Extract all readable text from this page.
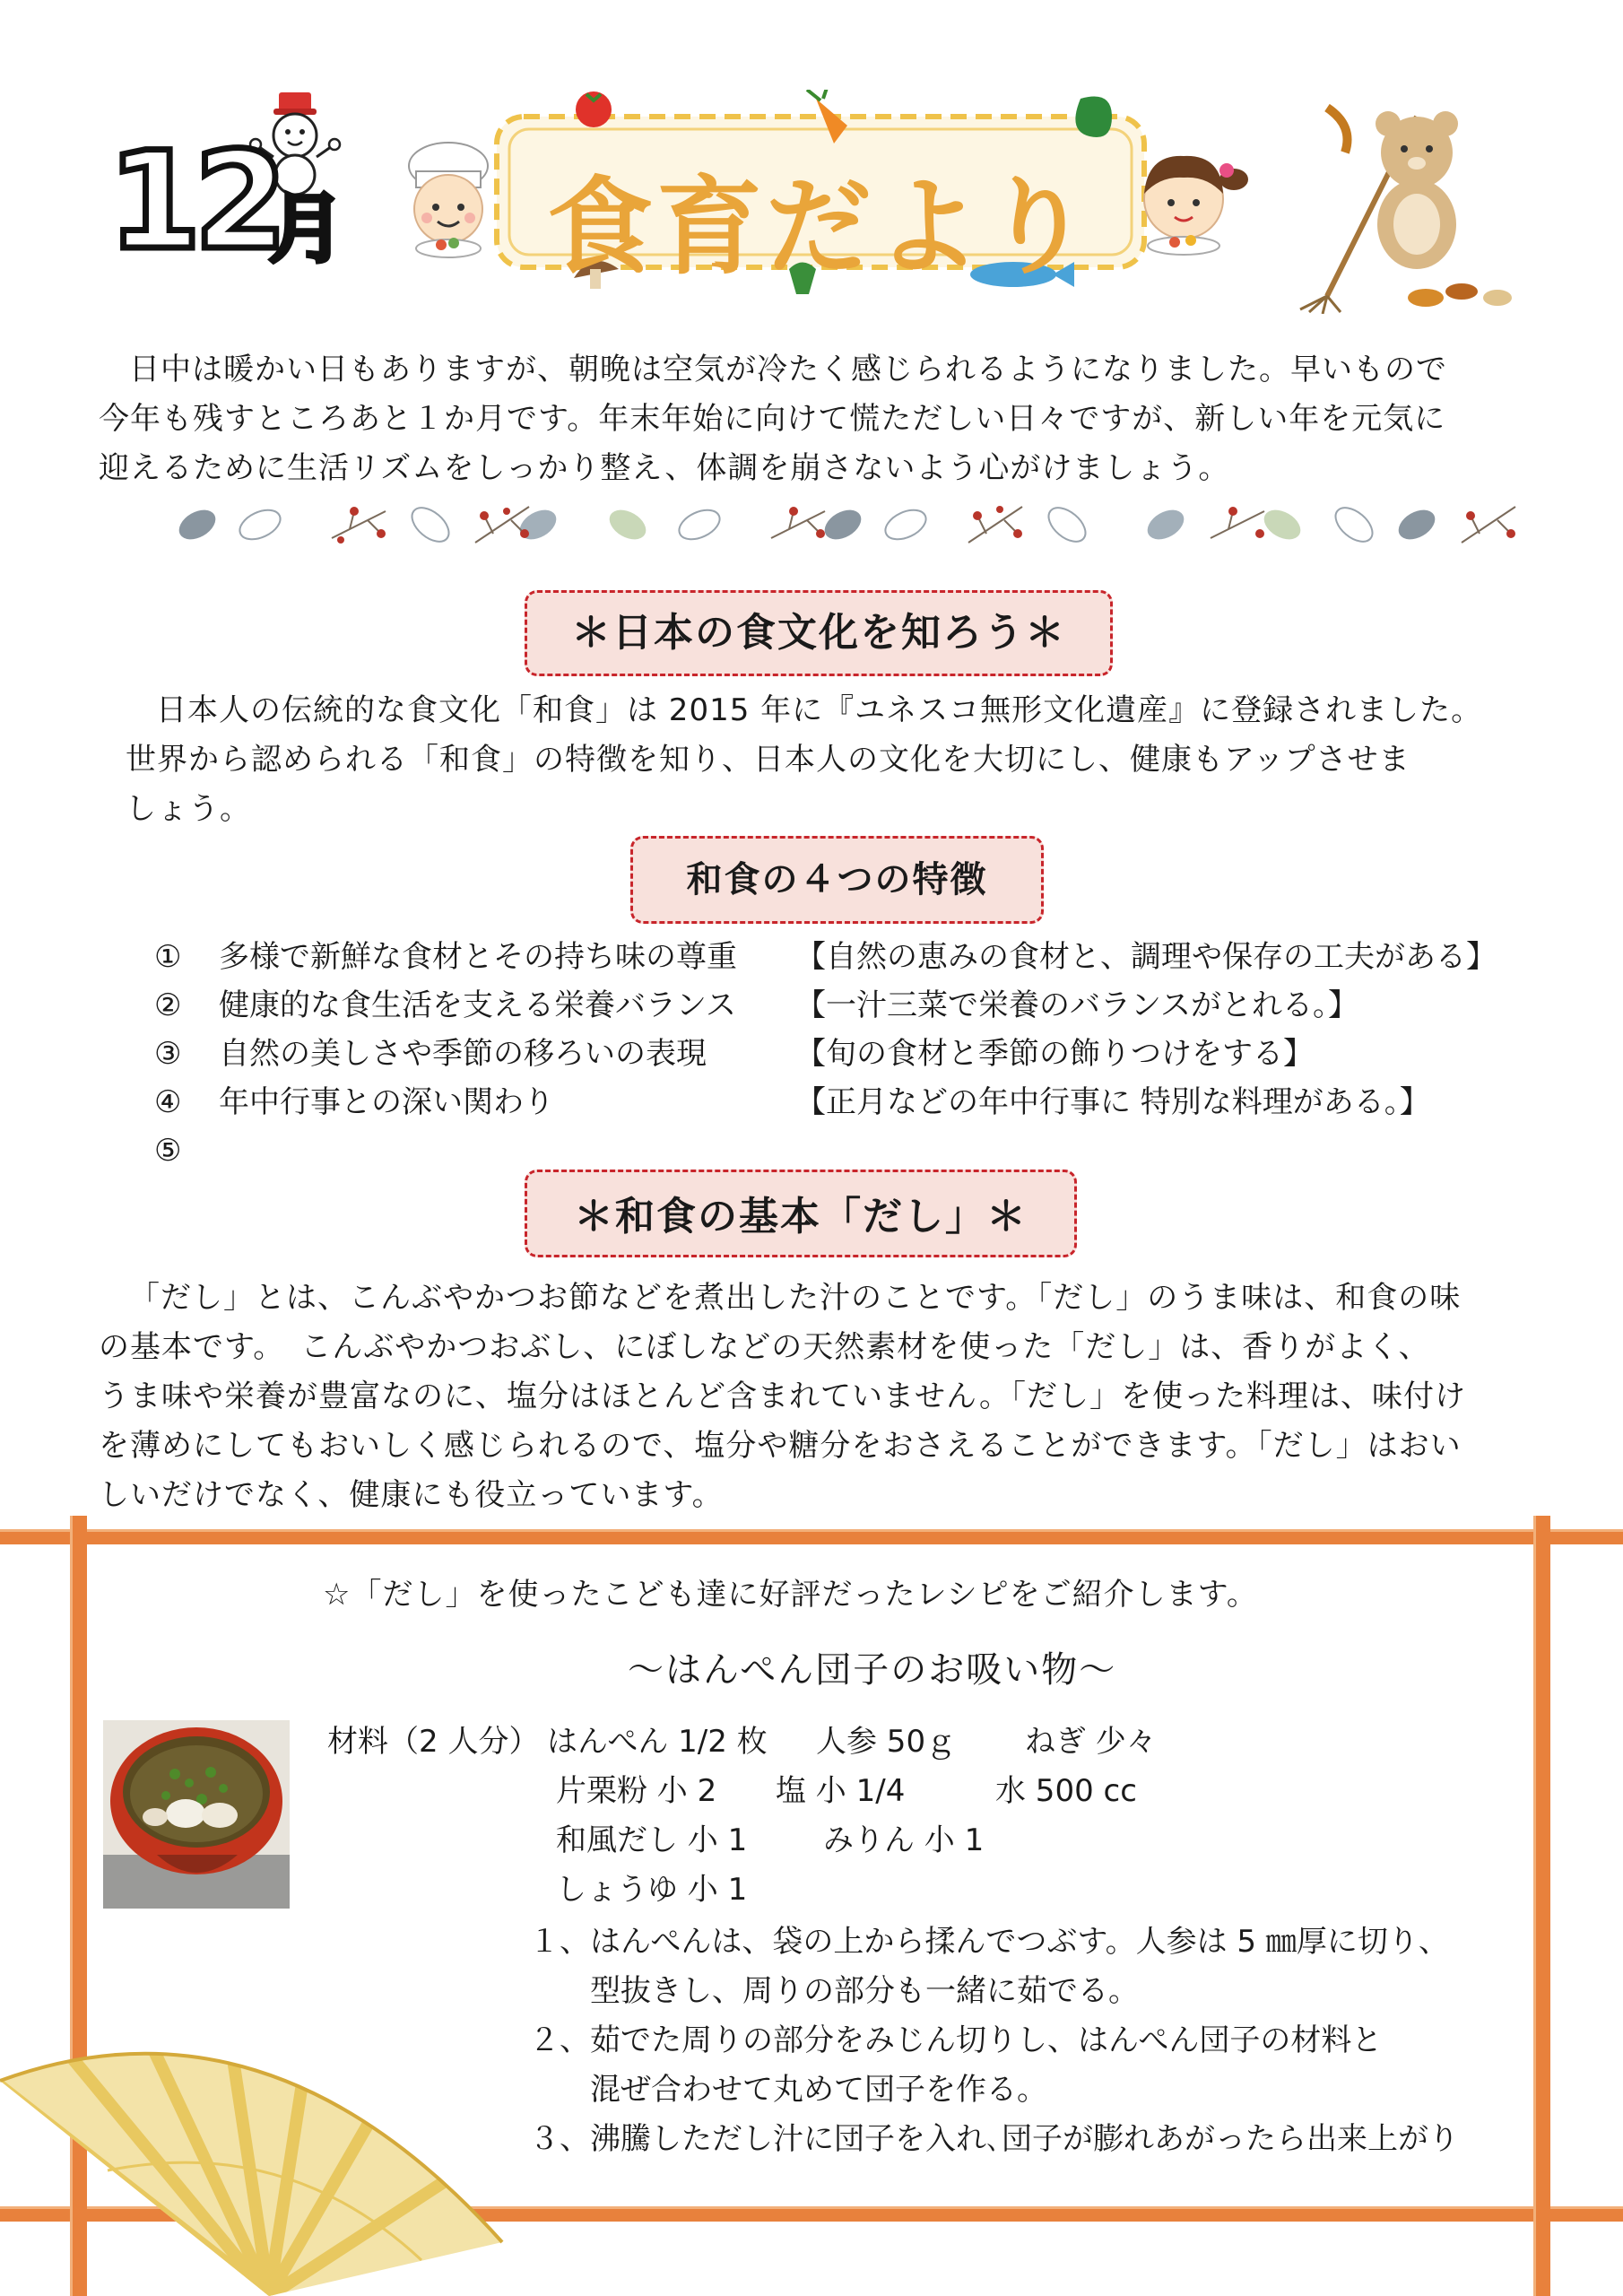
12
月	食育だより
日中は暖かい日もありますが、朝晩は空気が冷たく感じられるようになりました。早いもので
今年も残すところあと１か月です。年末年始に向けて慌ただしい日々ですが、新しい年を元気に
迎えるために生活リズムをしっかり整え、体調を崩さないよう心がけましょう。
＊日本の食文化を知ろう＊
日本人の伝統的な食文化「和食」は 2015 年に『ユネスコ無形文化遺産』に登録されました。
世界から認められる「和食」の特徴を知り、日本人の文化を大切にし、健康もアップさせま
しょう。
和食の４つの特徴
①	多様で新鮮な食材とその持ち味の尊重 【自然の恵みの食材と、調理や保存の工夫がある】
②	健康的な食生活を支える栄養バランス 【一汁三菜で栄養のバランスがとれる。】
③	自然の美しさや季節の移ろいの表現	【旬の食材と季節の飾りつけをする】
④	年中行事との深い関わり	【正月などの年中行事に 特別な料理がある。】
⑤
＊和食の基本「だし」＊
「だし」とは、こんぶやかつお節などを煮出した汁のことです。「だし」のうま味は、和食の味
の基本です。　こんぶやかつおぶし、にぼしなどの天然素材を使った「だし」は、香りがよく、
うま味や栄養が豊富なのに、塩分はほとんど含まれていません。「だし」を使った料理は、味付け
を薄めにしてもおいしく感じられるので、塩分や糖分をおさえることができます。「だし」はおい
しいだけでなく、健康にも役立っています。
☆「だし」を使ったこども達に好評だったレシピをご紹介します。
～はんぺん団子のお吸い物～
材料（2 人分） はんぺん 1/2 枚 人参 50ｇ ねぎ 少々
片栗粉 小 2 塩 小 1/4	水 500 cc
和風だし 小 1 みりん 小 1
しょうゆ 小 1
１、はんぺんは、袋の上から揉んでつぶす。人参は 5 ㎜厚に切り、
型抜きし、周りの部分も一緒に茹でる。
２、茹でた周りの部分をみじん切りし、はんぺん団子の材料と
混ぜ合わせて丸めて団子を作る。
３、沸騰しただし汁に団子を入れ､団子が膨れあがったら出来上がり
